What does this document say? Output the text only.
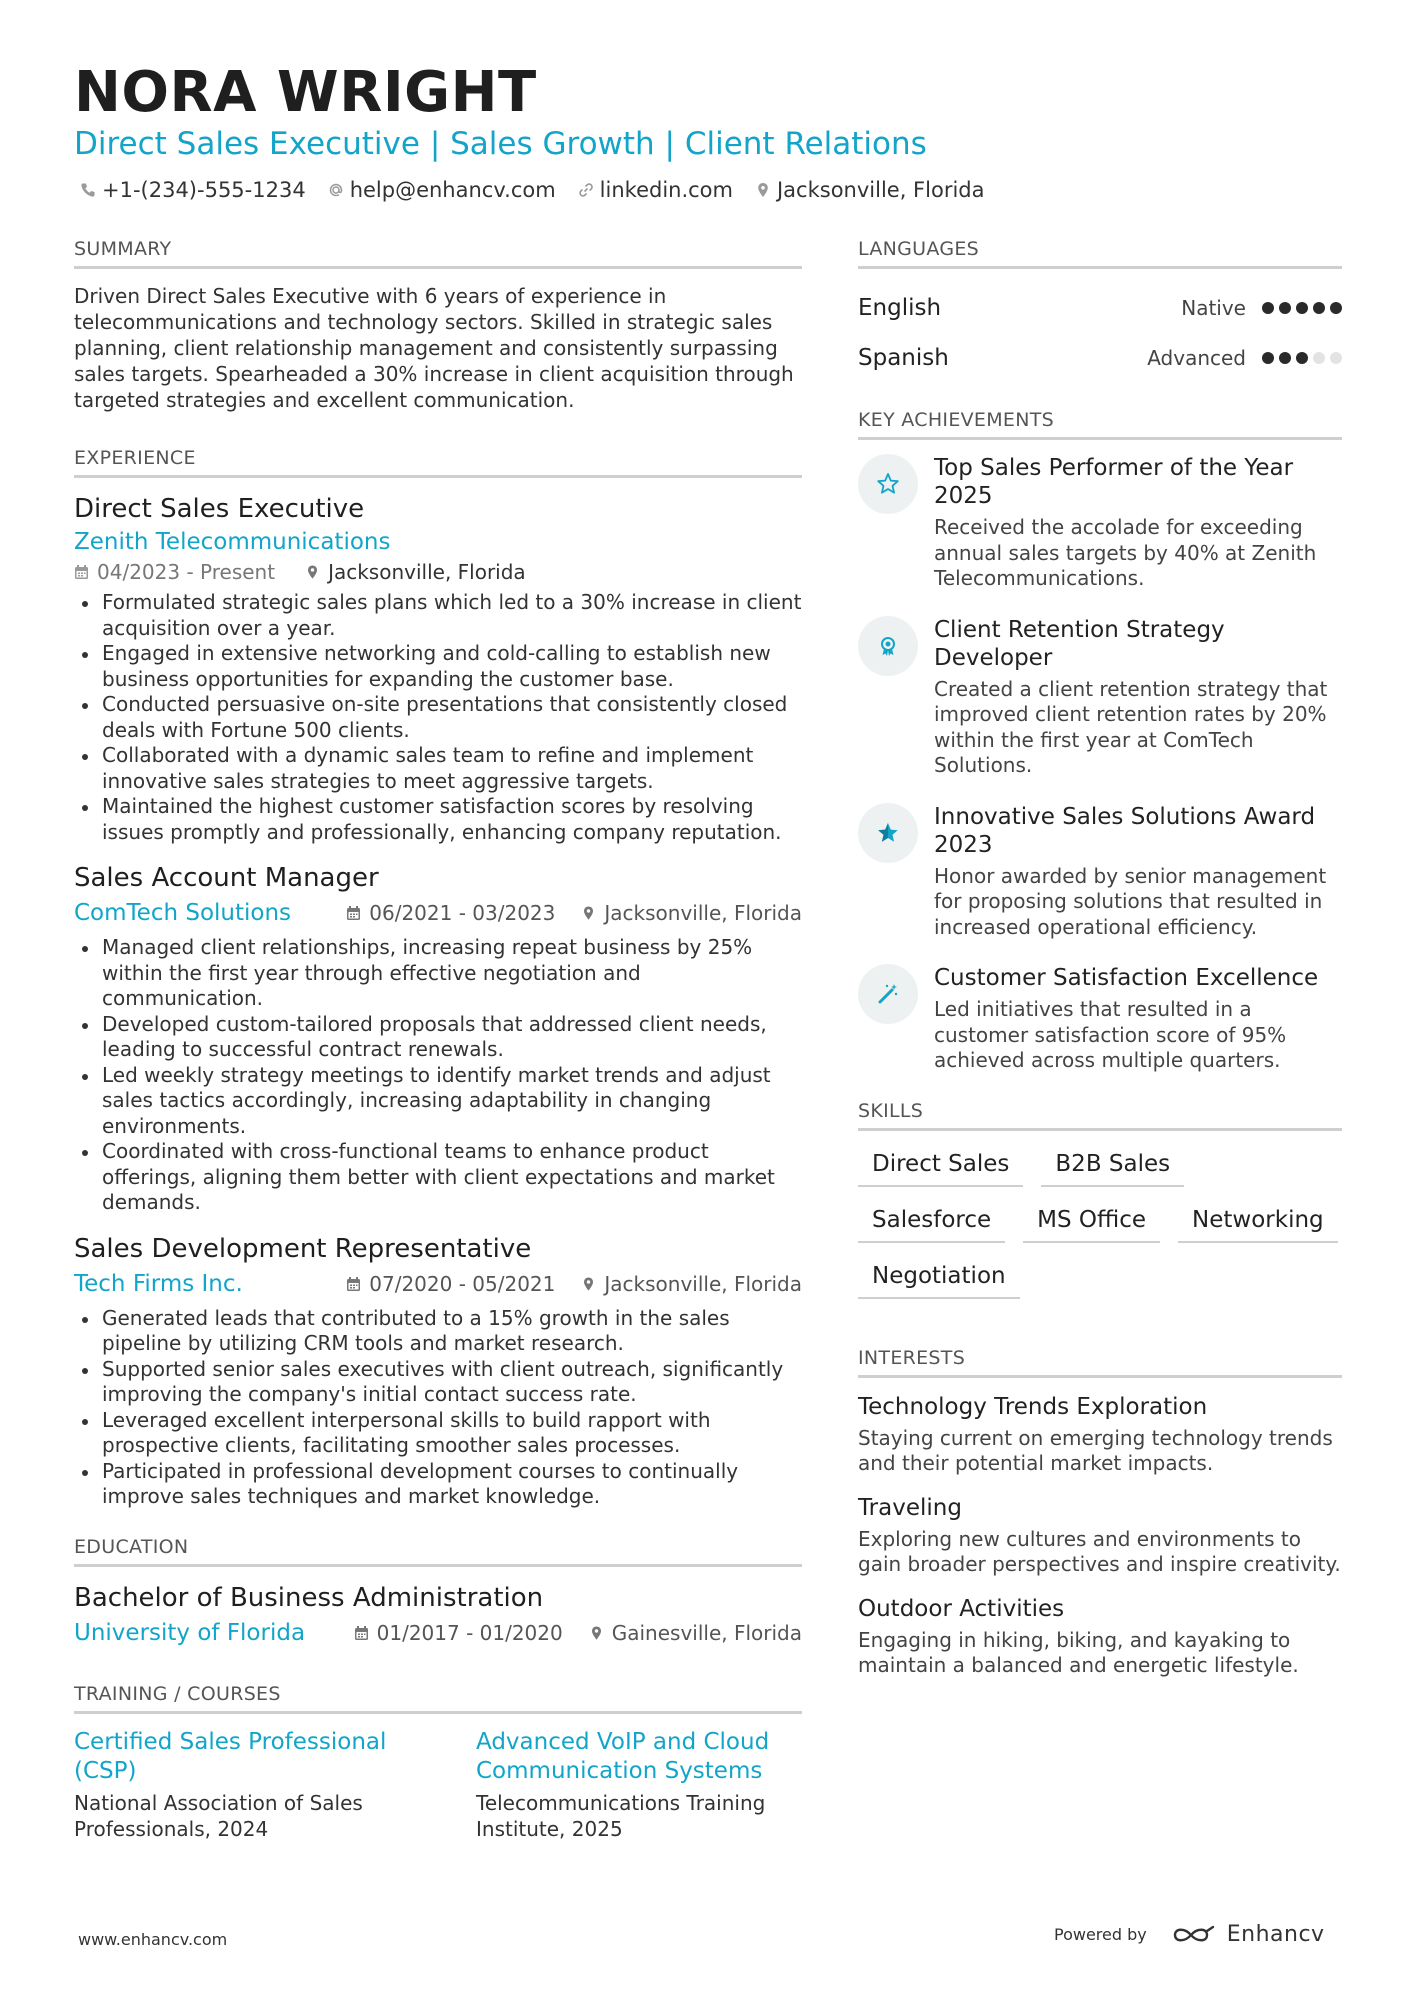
NORA WRIGHT
Direct Sales Executive | Sales Growth | Client Relations
+1-(234)-555-1234 help@enhancv.com linkedin.com Jacksonville, Florida
SUMMARY
Driven Direct Sales Executive with 6 years of experience in telecommunications and technology sectors. Skilled in strategic sales planning, client relationship management and consistently surpassing sales targets. Spearheaded a 30% increase in client acquisition through targeted strategies and excellent communication.
EXPERIENCE
Direct Sales Executive
Zenith Telecommunications
04/2023 - Present	Jacksonville, Florida
Formulated strategic sales plans which led to a 30% increase in client acquisition over a year.
Engaged in extensive networking and cold-calling to establish new business opportunities for expanding the customer base.
Conducted persuasive on-site presentations that consistently closed deals with Fortune 500 clients.
Collaborated with a dynamic sales team to refine and implement innovative sales strategies to meet aggressive targets.
Maintained the highest customer satisfaction scores by resolving issues promptly and professionally, enhancing company reputation.
Sales Account Manager
ComTech Solutions	06/2021 - 03/2023 Jacksonville, Florida
Managed client relationships, increasing repeat business by 25% within the first year through effective negotiation and communication.
Developed custom-tailored proposals that addressed client needs, leading to successful contract renewals.
Led weekly strategy meetings to identify market trends and adjust sales tactics accordingly, increasing adaptability in changing environments.
Coordinated with cross-functional teams to enhance product offerings, aligning them better with client expectations and market demands.
Sales Development Representative
Tech Firms Inc.	07/2020 - 05/2021 Jacksonville, Florida
Generated leads that contributed to a 15% growth in the sales pipeline by utilizing CRM tools and market research.
Supported senior sales executives with client outreach, significantly improving the company's initial contact success rate.
Leveraged excellent interpersonal skills to build rapport with prospective clients, facilitating smoother sales processes.
Participated in professional development courses to continually improve sales techniques and market knowledge.
EDUCATION
Bachelor of Business Administration
University of Florida	01/2017 - 01/2020 Gainesville, Florida
TRAINING / COURSES
Certified Sales Professional (CSP)
National Association of Sales Professionals, 2024
Advanced VoIP and Cloud Communication Systems
Telecommunications Training Institute, 2025
LANGUAGES
English	Native
Spanish	Advanced
KEY ACHIEVEMENTS
Top Sales Performer of the Year 2025
Received the accolade for exceeding annual sales targets by 40% at Zenith Telecommunications.
Client Retention Strategy Developer
Created a client retention strategy that improved client retention rates by 20% within the first year at ComTech Solutions.
Innovative Sales Solutions Award 2023
Honor awarded by senior management for proposing solutions that resulted in increased operational efficiency.
Customer Satisfaction Excellence
Led initiatives that resulted in a customer satisfaction score of 95% achieved across multiple quarters.
SKILLS
Direct Sales	B2B Sales
Salesforce	MS Office	Networking
Negotiation
INTERESTS
Technology Trends Exploration
Staying current on emerging technology trends and their potential market impacts.
Traveling
Exploring new cultures and environments to gain broader perspectives and inspire creativity.
Outdoor Activities
Engaging in hiking, biking, and kayaking to maintain a balanced and energetic lifestyle.
www.enhancv.com	Powered by	Enhancv
